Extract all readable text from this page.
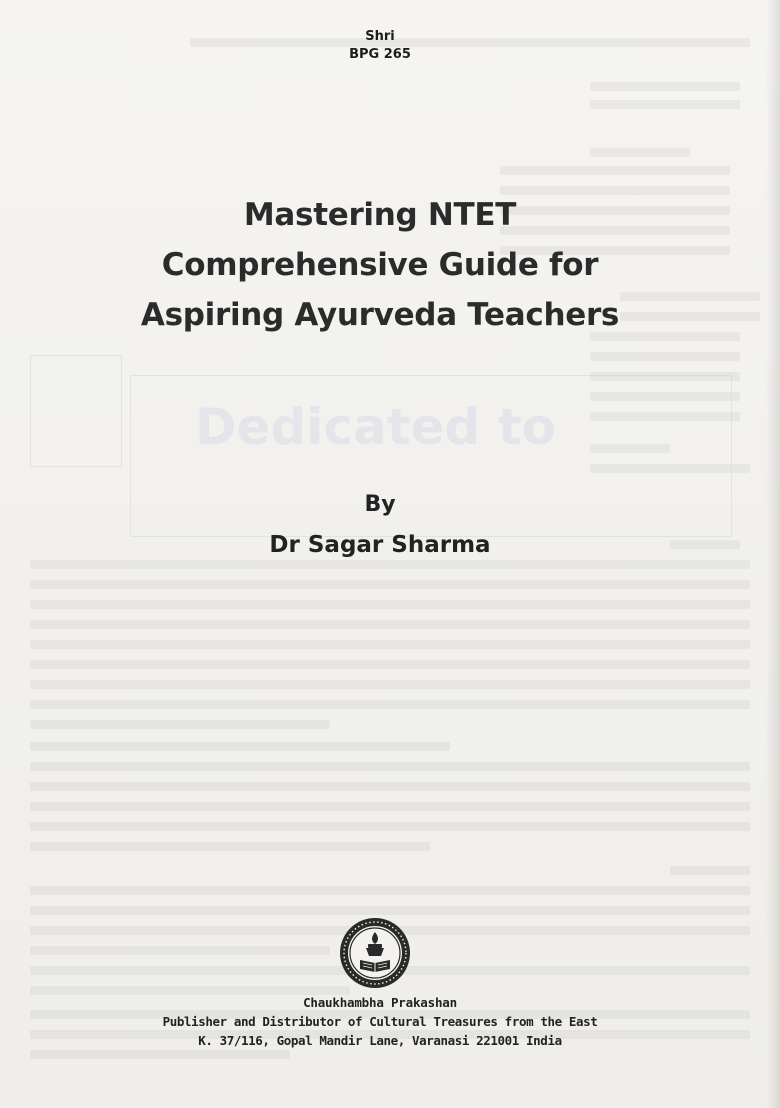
Dedicated to
Shri
BPG 265
Mastering NTET
Comprehensive Guide for
Aspiring Ayurveda Teachers
By
Dr Sagar Sharma
Chaukhambha Prakashan
Publisher and Distributor of Cultural Treasures from the East
K. 37/116, Gopal Mandir Lane, Varanasi 221001 India
